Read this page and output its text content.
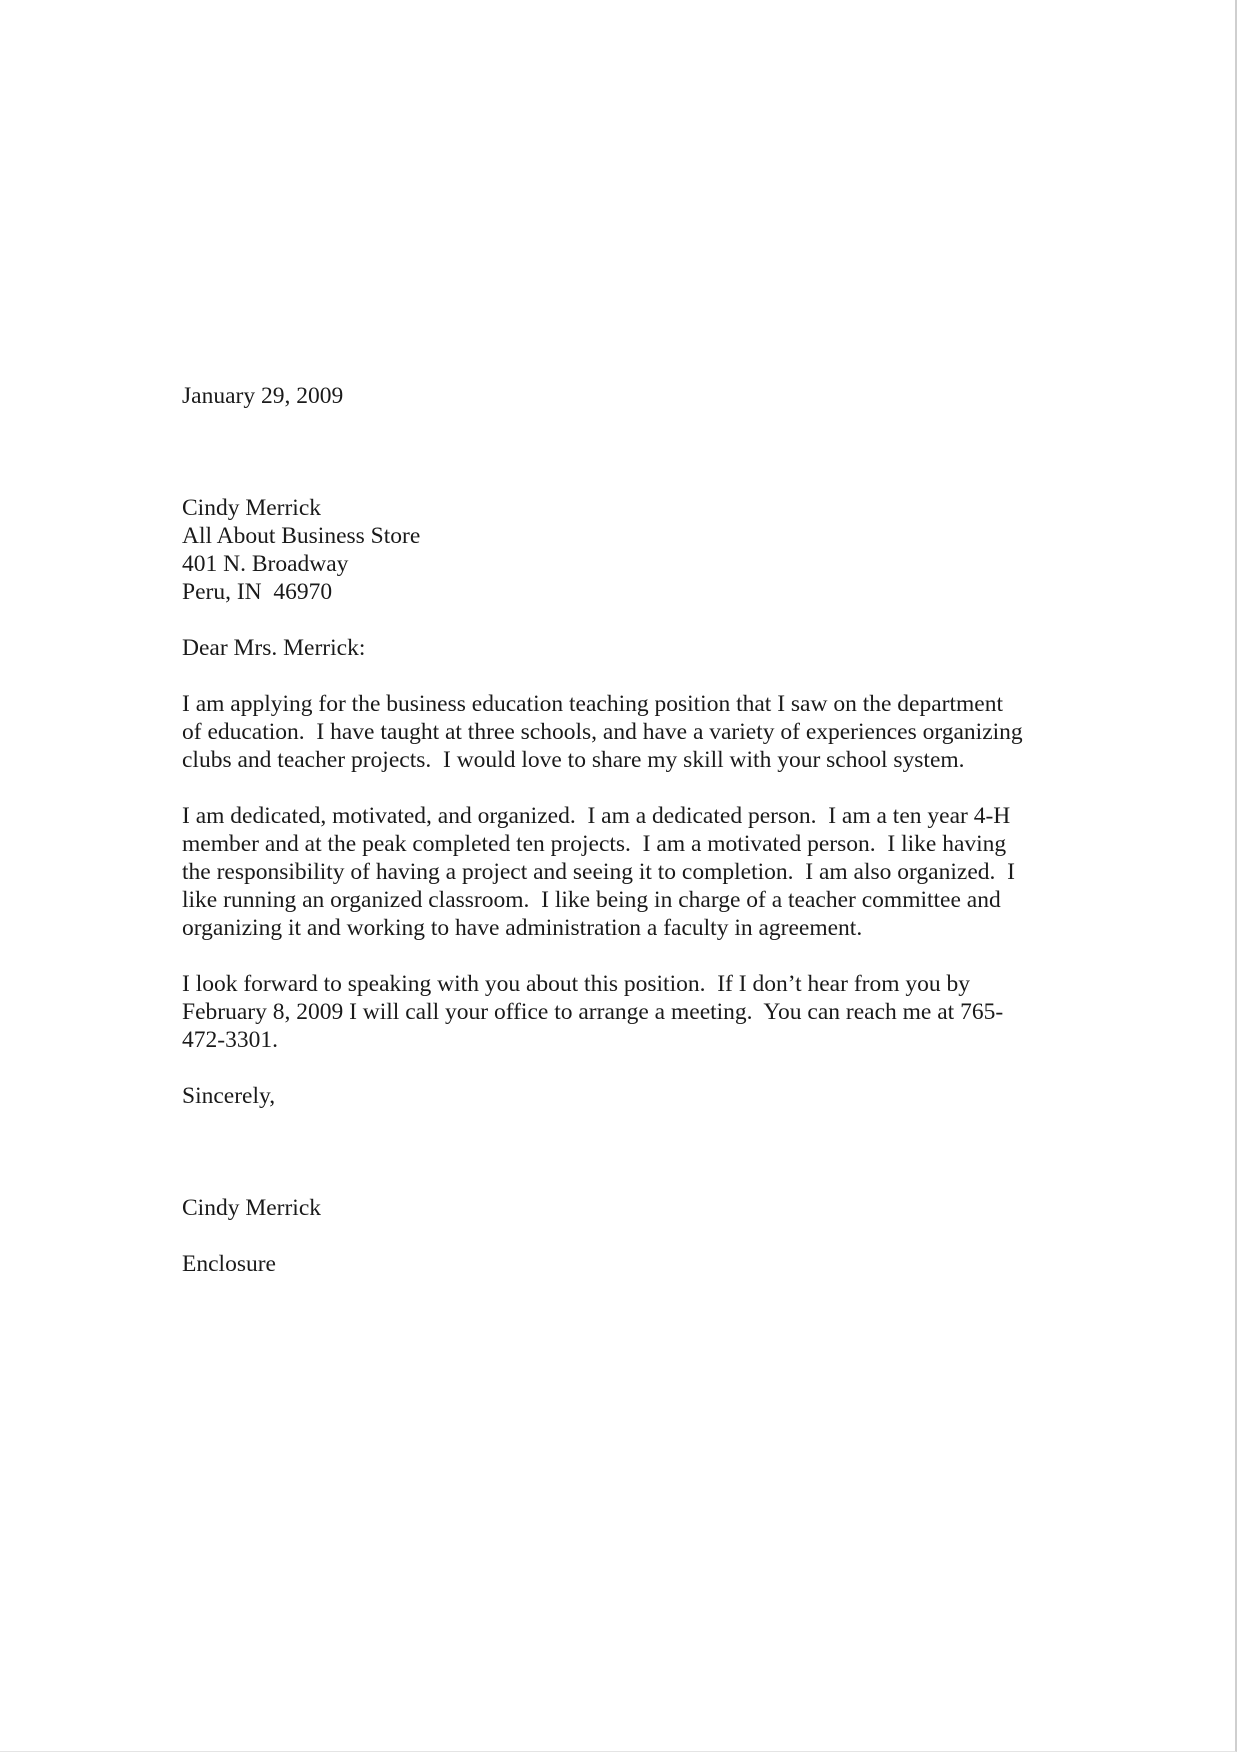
January 29, 2009
Cindy Merrick
All About Business Store
401 N. Broadway
Peru, IN  46970
Dear Mrs. Merrick:
I am applying for the business education teaching position that I saw on the department
of education.  I have taught at three schools, and have a variety of experiences organizing
clubs and teacher projects.  I would love to share my skill with your school system.
I am dedicated, motivated, and organized.  I am a dedicated person.  I am a ten year 4-H
member and at the peak completed ten projects.  I am a motivated person.  I like having
the responsibility of having a project and seeing it to completion.  I am also organized.  I
like running an organized classroom.  I like being in charge of a teacher committee and
organizing it and working to have administration a faculty in agreement.
I look forward to speaking with you about this position.  If I don’t hear from you by
February 8, 2009 I will call your office to arrange a meeting.  You can reach me at 765-
472-3301.
Sincerely,
Cindy Merrick
Enclosure
